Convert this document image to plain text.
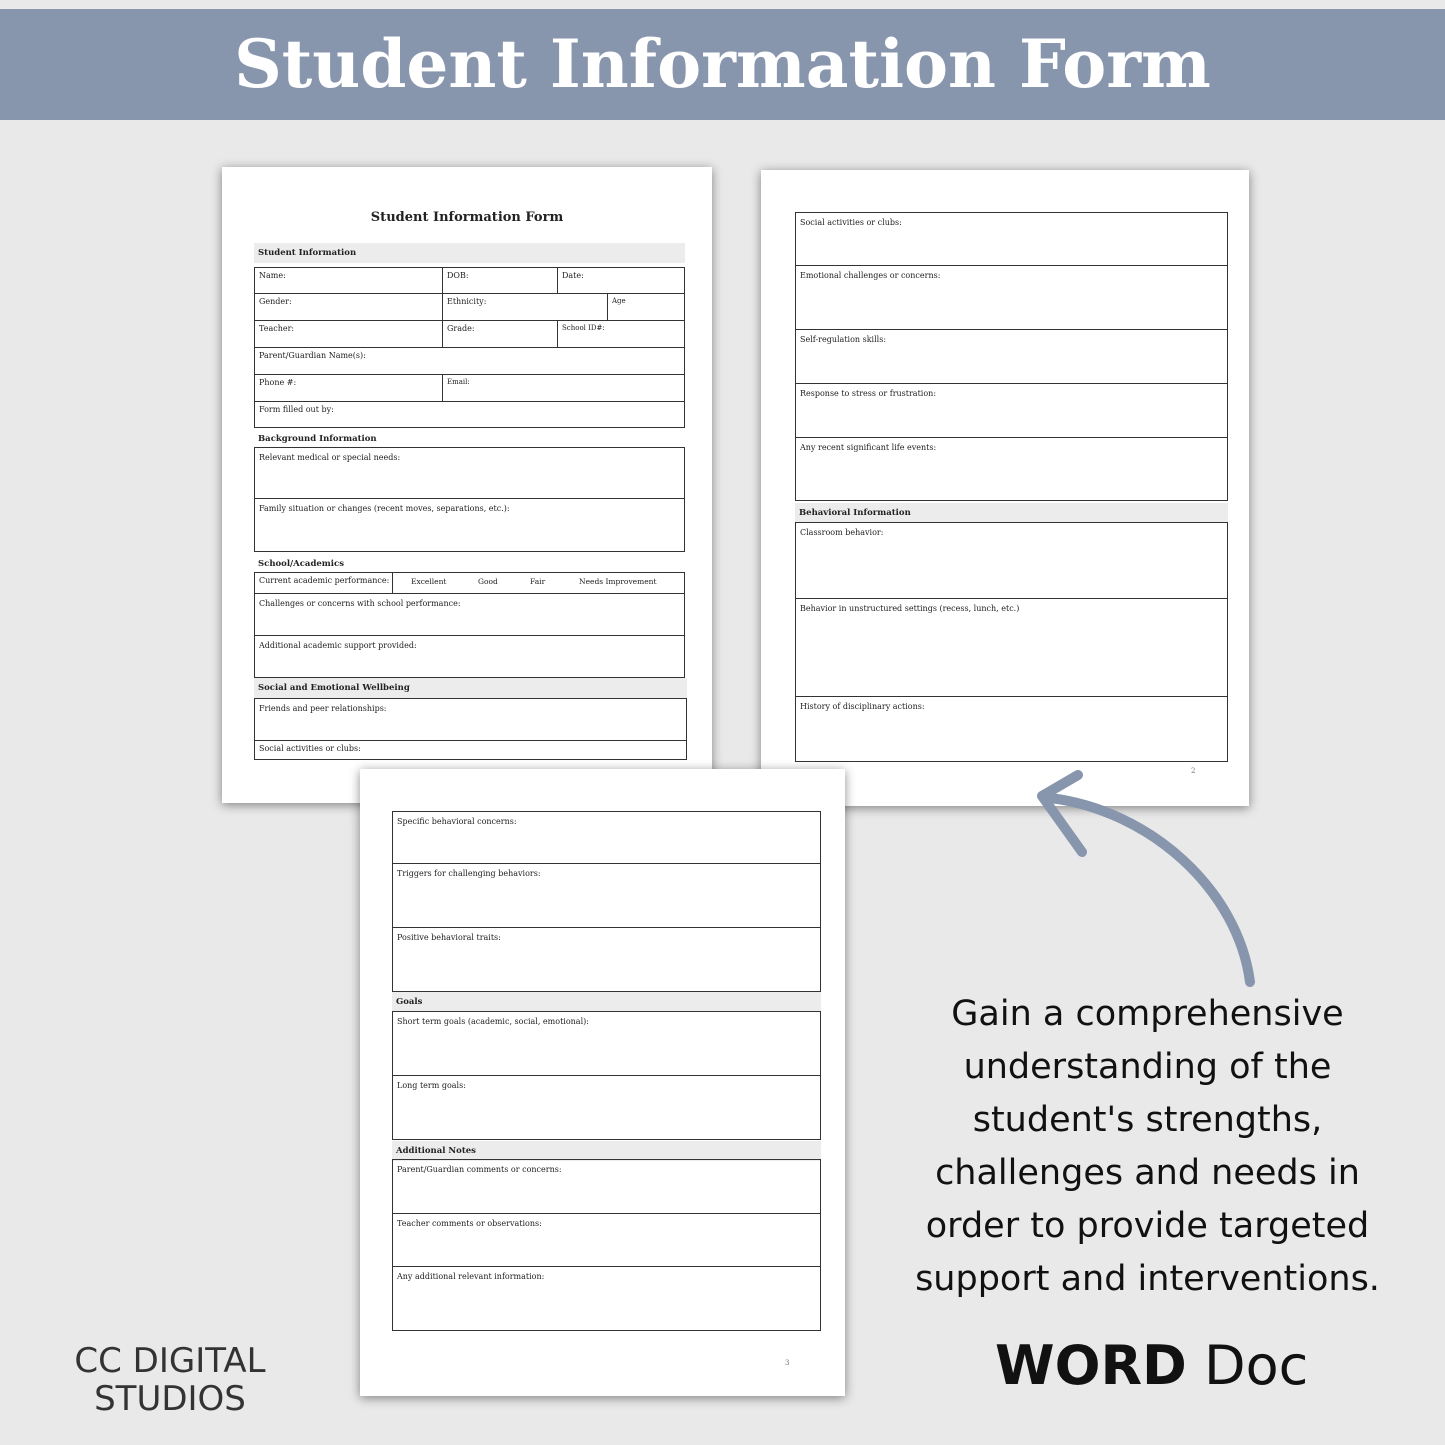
Student Information Form
Student Information Form
Student Information
Name:	DOB:	Date:
Gender:	Ethnicity:	Age
Teacher:	Grade:	School ID#:
Parent/Guardian Name(s):
Phone #:	Email:
Form filled out by:
Background Information
Relevant medical or special needs:
Family situation or changes (recent moves, separations, etc.):
School/Academics
Current academic performance:	Excellent	Good	Fair	Needs Improvement
Challenges or concerns with school performance:
Additional academic support provided:
Social and Emotional Wellbeing
Friends and peer relationships:
Social activities or clubs:
Social activities or clubs:
Emotional challenges or concerns:
Self-regulation skills:
Response to stress or frustration:
Any recent significant life events:
Behavioral Information
Classroom behavior:
Behavior in unstructured settings (recess, lunch, etc.)
History of disciplinary actions:
2
Specific behavioral concerns:
Triggers for challenging behaviors:
Positive behavioral traits:
Goals
Short term goals (academic, social, emotional):
Long term goals:
Additional Notes
Parent/Guardian comments or concerns:
Teacher comments or observations:
Any additional relevant information:
3
Gain a comprehensive understanding of the student's strengths, challenges and needs in order to provide targeted support and interventions.
WORD Doc
CC DIGITAL
STUDIOS
